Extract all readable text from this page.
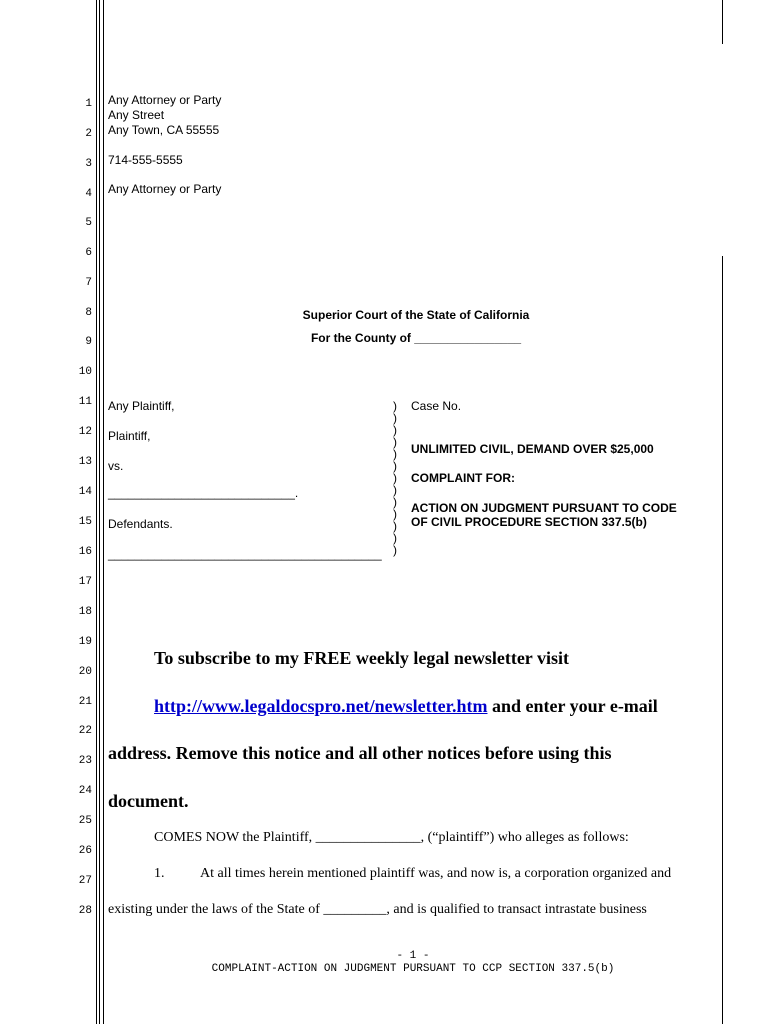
1
2
3
4
5
6
7
8
9
10
11
12
13
14
15
16
17
18
19
20
21
22
23
24
25
26
27
28
Any Attorney or Party
Any Street
Any Town, CA 55555
714-555-5555
Any Attorney or Party
Superior Court of the State of California
For the County of ________________
Any Plaintiff,
Plaintiff,
vs.
____________________________.
Defendants.
_________________________________________
)
)
)
)
)
)
)
)
)
)
)
)
)
Case No.
UNLIMITED CIVIL, DEMAND OVER $25,000
COMPLAINT FOR:
ACTION ON JUDGMENT PURSUANT TO CODE
OF CIVIL PROCEDURE SECTION 337.5(b)
To subscribe to my FREE weekly legal newsletter visit
http://www.legaldocspro.net/newsletter.htm and enter your e-mail
address. Remove this notice and all other notices before using this
document.
COMES NOW the Plaintiff, _______________, (“plaintiff”) who alleges as follows:
1.	At all times herein mentioned plaintiff was, and now is, a corporation organized and
existing under the laws of the State of _________, and is qualified to transact intrastate business
- 1 -
COMPLAINT-ACTION ON JUDGMENT PURSUANT TO CCP SECTION 337.5(b)
